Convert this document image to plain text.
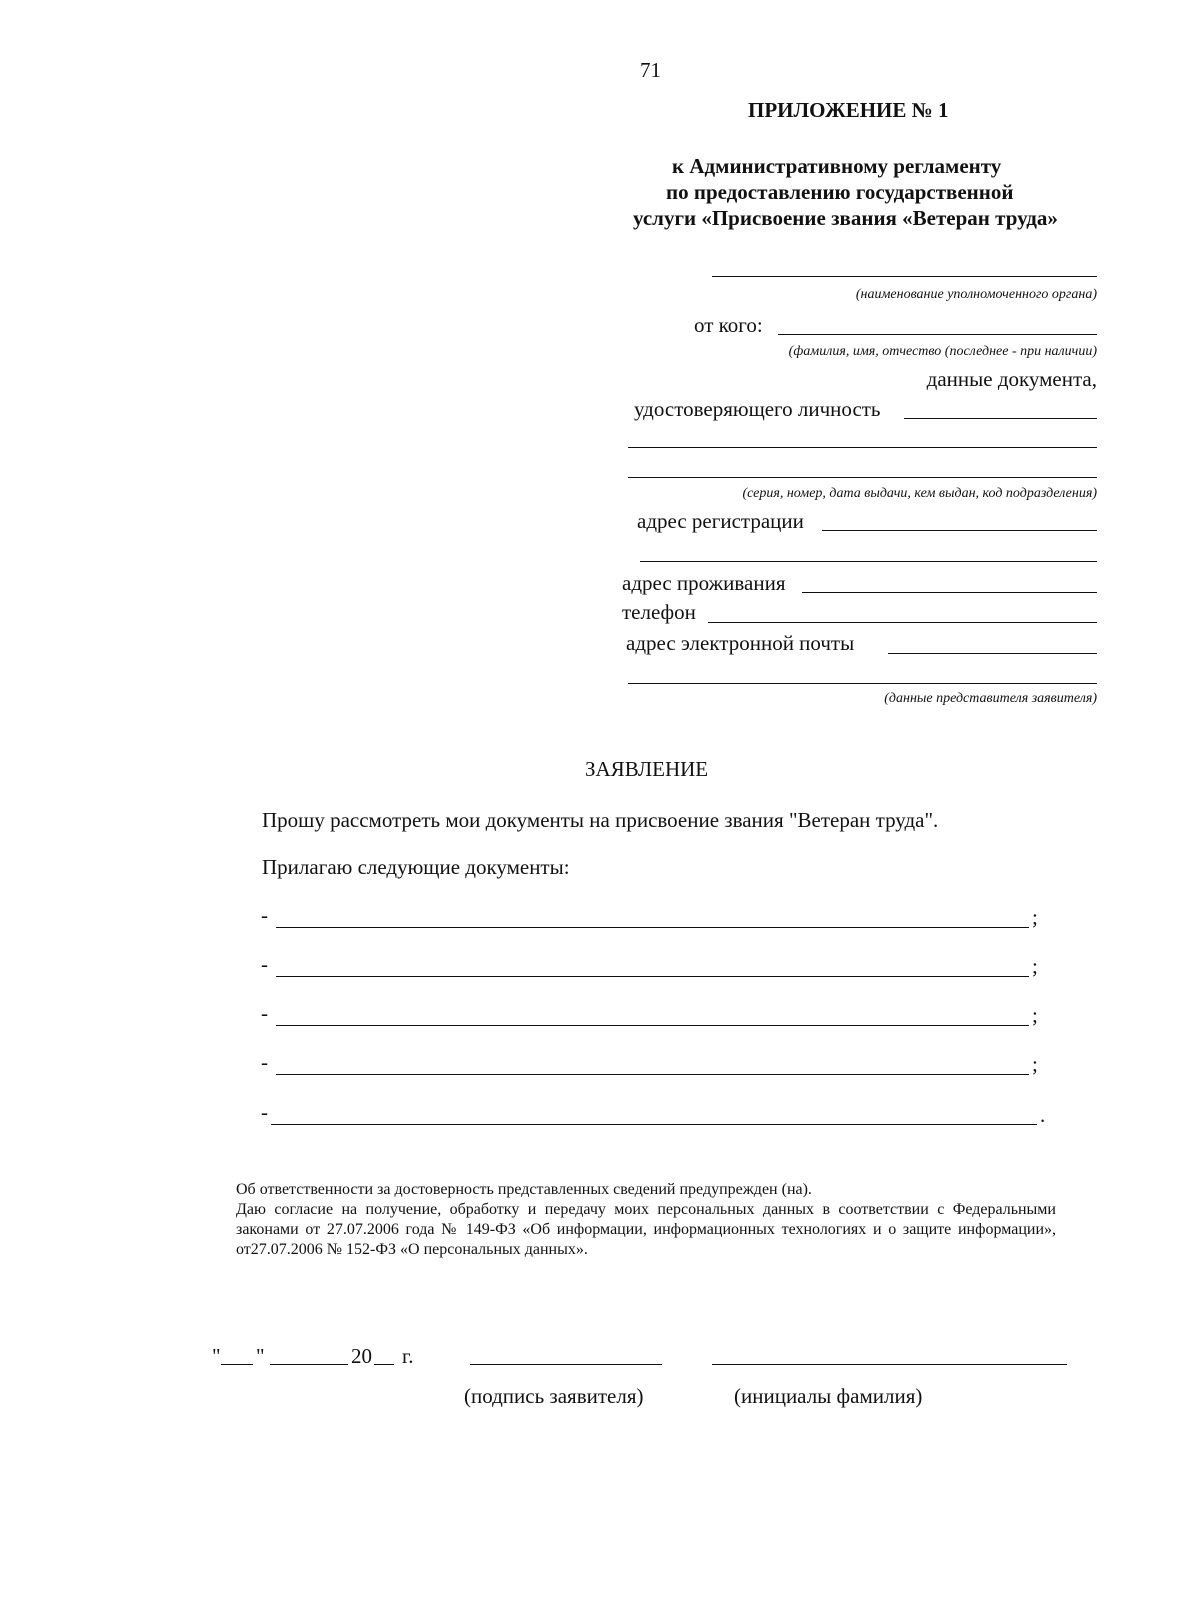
71
ПРИЛОЖЕНИЕ № 1
к Административному регламенту
по предоставлению государственной
услуги «Присвоение звания «Ветеран труда»
(наименование уполномоченного органа)
от кого:
(фамилия, имя, отчество (последнее - при наличии)
данные документа,
удостоверяющего личность
(серия, номер, дата выдачи, кем выдан, код подразделения)
адрес регистрации
адрес проживания
телефон
адрес электронной почты
(данные представителя заявителя)
ЗАЯВЛЕНИЕ
Прошу рассмотреть мои документы на присвоение звания "Ветеран труда".
Прилагаю следующие документы:
-	;
-	;
-	;
-	;
-	.
Об ответственности за достоверность представленных сведений предупрежден (на).
Даю согласие на получение, обработку и передачу моих персональных данных в соответствии с Федеральными законами от 27.07.2006 года № 149-ФЗ «Об информации, информационных технологиях и о защите информации», от27.07.2006 № 152-ФЗ «О персональных данных».
" "	20 г.
(подпись заявителя)	(инициалы фамилия)
